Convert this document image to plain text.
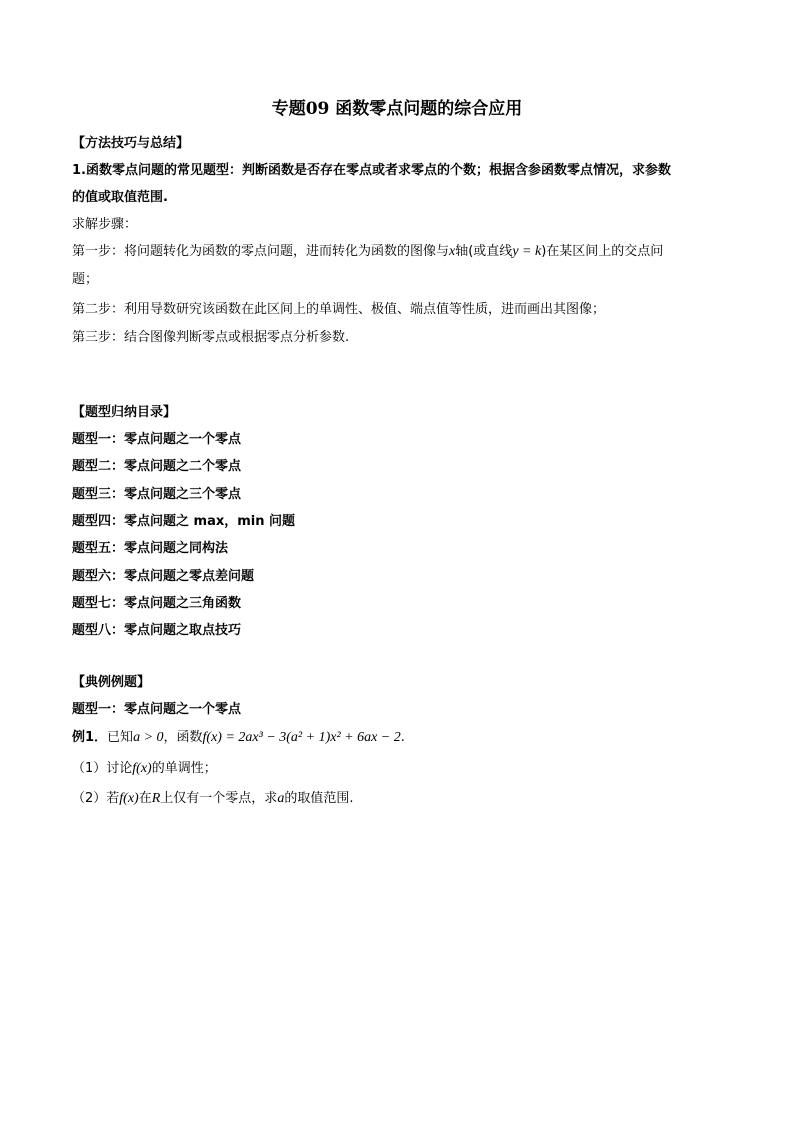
专题09 函数零点问题的综合应用
【方法技巧与总结】
1.函数零点问题的常见题型：判断函数是否存在零点或者求零点的个数；根据含参函数零点情况，求参数
的值或取值范围.
求解步骤：
第一步：将问题转化为函数的零点问题，进而转化为函数的图像与x轴(或直线y = k)在某区间上的交点问
题；
第二步：利用导数研究该函数在此区间上的单调性、极值、端点值等性质，进而画出其图像；
第三步：结合图像判断零点或根据零点分析参数.
【题型归纳目录】
题型一：零点问题之一个零点
题型二：零点问题之二个零点
题型三：零点问题之三个零点
题型四：零点问题之 max，min 问题
题型五：零点问题之同构法
题型六：零点问题之零点差问题
题型七：零点问题之三角函数
题型八：零点问题之取点技巧
【典例例题】
题型一：零点问题之一个零点
例1．已知a > 0，函数f(x) = 2ax³ − 3(a² + 1)x² + 6ax − 2.
（1）讨论f(x)的单调性；
（2）若f(x)在R上仅有一个零点，求a的取值范围.
